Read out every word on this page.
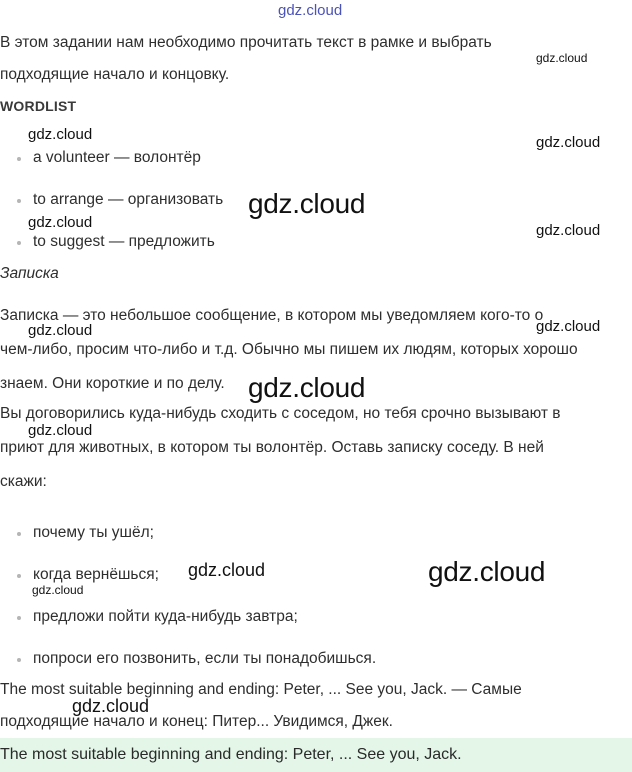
gdz.cloud
gdz.cloud
gdz.cloud	gdz.cloud
gdz.cloud
gdz.cloud	gdz.cloud
gdz.cloud	gdz.cloud
gdz.cloud
gdz.cloud
gdz.cloud	gdz.cloud
gdz.cloud
gdz.cloud
В этом задании нам необходимо прочитать текст в рамке и выбрать
подходящие начало и концовку.
WORDLIST
a volunteer — волонтёр
to arrange — организовать
to suggest — предложить
Записка
Записка — это небольшое сообщение, в котором мы уведомляем кого-то о
чем-либо, просим что-либо и т.д. Обычно мы пишем их людям, которых хорошо
знаем. Они короткие и по делу.
Вы договорились куда-нибудь сходить с соседом, но тебя срочно вызывают в
приют для животных, в котором ты волонтёр. Оставь записку соседу. В ней
скажи:
почему ты ушёл;
когда вернёшься;
предложи пойти куда-нибудь завтра;
попроси его позвонить, если ты понадобишься.
The most suitable beginning and ending: Peter, ... See you, Jack. — Самые
подходящие начало и конец: Питер... Увидимся, Джек.
The most suitable beginning and ending: Peter, ... See you, Jack.
